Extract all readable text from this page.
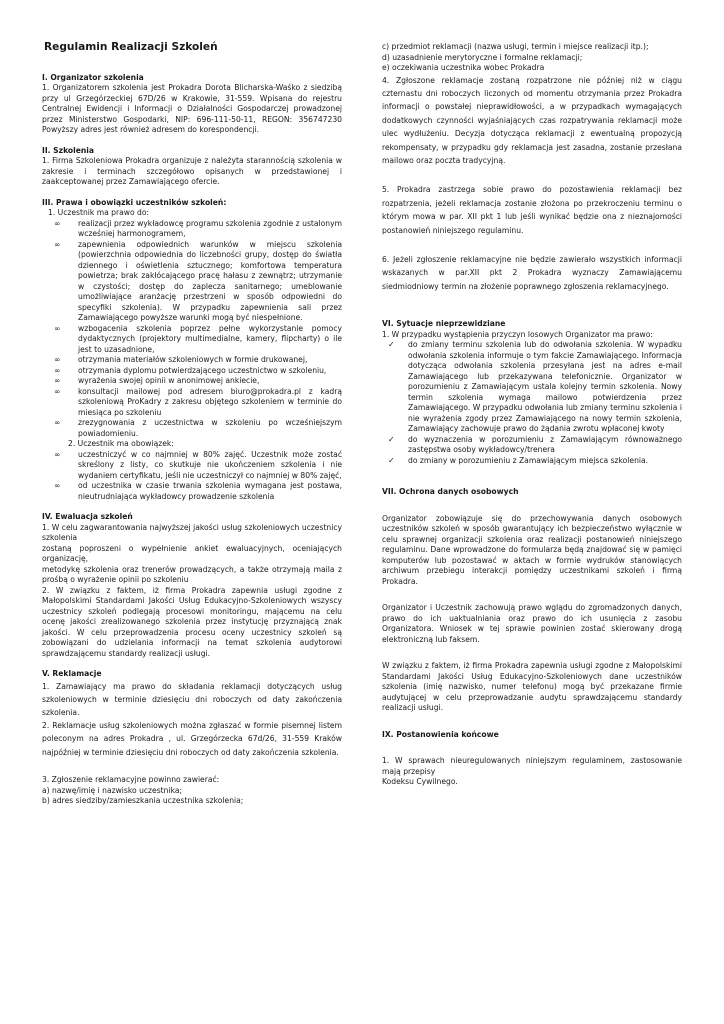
Regulamin Realizacji Szkoleń

I. Organizator szkolenia

1. Organizatorem szkolenia jest Prokadra Dorota Blicharska-Waśko z siedzibą przy ul Grzegórzeckiej 67D/26 w Krakowie, 31-559. Wpisana do rejestru Centralnej Ewidencji i Informacji o Działalności Gospodarczej prowadzonej przez Ministerstwo Gospodarki, NIP: 696-111-50-11, REGON: 356747230 Powyższy adres jest również adresem do korespondencji.

II. Szkolenia

1. Firma Szkoleniowa Prokadra organizuje z należyta starannością szkolenia w zakresie i terminach szczegółowo opisanych w przedstawionej i zaakceptowanej przez Zamawiającego ofercie.

III. Prawa i obowiązki uczestników szkoleń:

1. Uczestnik ma prawo do:

∞ realizacji przez wykładowcę programu szkolenia zgodnie z ustalonym wcześniej harmonogramem,
∞ zapewnienia odpowiednich warunków w miejscu szkolenia (powierzchnia odpowiednia do liczebności grupy, dostęp do światła dziennego i oświetlenia sztucznego; komfortowa temperatura powietrza; brak zakłócającego pracę hałasu z zewnątrz; utrzymanie w czystości; dostęp do zaplecza sanitarnego; umeblowanie umożliwiające aranżację przestrzeni w sposób odpowiedni do specyfiki szkolenia). W przypadku zapewnienia sali przez Zamawiającego powyższe warunki mogą być niespełnione.
∞ wzbogacenia szkolenia poprzez pełne wykorzystanie pomocy dydaktycznych (projektory multimedialne, kamery, flipcharty) o ile jest to uzasadnione,
∞ otrzymania materiałów szkoleniowych w formie drukowanej,
∞ otrzymania dyplomu potwierdzającego uczestnictwo w szkoleniu,
∞ wyrażenia swojej opinii w anonimowej ankiecie,
∞ konsultacji mailowej pod adresem biuro@prokadra.pl z kadrą szkoleniową ProKadry z zakresu objętego szkoleniem w terminie do miesiąca po szkoleniu
∞ zrezygnowania z uczestnictwa w szkoleniu po wcześniejszym powiadomieniu.

2. Uczestnik ma obowiązek:

∞ uczestniczyć w co najmniej w 80% zajęć. Uczestnik może zostać skreślony z listy, co skutkuje nie ukończeniem szkolenia i nie wydaniem certyfikatu, jeśli nie uczestniczył co najmniej w 80% zajęć,
∞ od uczestnika w czasie trwania szkolenia wymagana jest postawa, nieutrudniająca wykładowcy prowadzenie szkolenia

IV. Ewaluacja szkoleń

1. W celu zagwarantowania najwyższej jakości usług szkoleniowych uczestnicy szkolenia

zostaną poproszeni o wypełnienie ankiet ewaluacyjnych, oceniających organizację,

metodykę szkolenia oraz trenerów prowadzących, a także otrzymają maila z prośbą o wyrażenie opinii po szkoleniu

2. W związku z faktem, iż firma Prokadra zapewnia usługi zgodne z Małopolskimi Standardami Jakości Usług Edukacyjno-Szkoleniowych wszyscy uczestnicy szkoleń podlegają procesowi monitoringu, mającemu na celu ocenę jakości zrealizowanego szkolenia przez instytucję przyznającą znak jakości. W celu przeprowadzenia procesu oceny uczestnicy szkoleń są zobowiązani do udzielania informacji na temat szkolenia audytorowi sprawdzającemu standardy realizacji usługi.

V. Reklamacje

1. Zamawiający ma prawo do składania reklamacji dotyczących usług szkoleniowych w terminie dziesięciu dni roboczych od daty zakończenia szkolenia.

2. Reklamacje usług szkoleniowych można zgłaszać w formie pisemnej listem poleconym na adres Prokadra , ul. Grzegórzecka 67d/26, 31-559 Kraków najpóźniej w terminie dziesięciu dni roboczych od daty zakończenia szkolenia.

3. Zgłoszenie reklamacyjne powinno zawierać:

a) nazwę/imię i nazwisko uczestnika;

b) adres siedziby/zamieszkania uczestnika szkolenia;

c) przedmiot reklamacji (nazwa usługi, termin i miejsce realizacji itp.);

d) uzasadnienie merytoryczne i formalne reklamacji;

e) oczekiwania uczestnika wobec Prokadra

4. Zgłoszone reklamacje zostaną rozpatrzone nie później niż w ciągu czternastu dni roboczych liczonych od momentu otrzymania przez Prokadra informacji o powstałej nieprawidłowości, a w przypadkach wymagających dodatkowych czynności wyjaśniających czas rozpatrywania reklamacji może ulec wydłużeniu. Decyzja dotycząca reklamacji z ewentualną propozycją rekompensaty, w przypadku gdy reklamacja jest zasadna, zostanie przesłana mailowo oraz poczta tradycyjną.

5. Prokadra zastrzega sobie prawo do pozostawienia reklamacji bez rozpatrzenia, jeżeli reklamacja zostanie złożona po przekroczeniu terminu o którym mowa w par. XII pkt 1 lub jeśli wynikać będzie ona z nieznajomości postanowień niniejszego regulaminu.

6. Jeżeli zgłoszenie reklamacyjne nie będzie zawierało wszystkich informacji wskazanych w par.XII pkt 2 Prokadra wyznaczy Zamawiającemu siedmiodniowy termin na złożenie poprawnego zgłoszenia reklamacyjnego.

VI. Sytuacje nieprzewidziane

1. W przypadku wystąpienia przyczyn losowych Organizator ma prawo:

✓ do zmiany terminu szkolenia lub do odwołania szkolenia. W wypadku odwołania szkolenia informuje o tym fakcie Zamawiającego. Informacja dotycząca odwołania szkolenia przesyłana jest na adres e-mail Zamawiającego lub przekazywana telefonicznie. Organizator w porozumieniu z Zamawiającym ustala kolejny termin szkolenia. Nowy termin szkolenia wymaga mailowo potwierdzenia przez Zamawiającego. W przypadku odwołania lub zmiany terminu szkolenia i nie wyrażenia zgody przez Zamawiającego na nowy termin szkolenia, Zamawiający zachowuje prawo do żądania zwrotu wpłaconej kwoty
✓ do wyznaczenia w porozumieniu z Zamawiającym równoważnego zastępstwa osoby wykładowcy/trenera
✓ do zmiany w porozumieniu z Zamawiającym miejsca szkolenia.

VII. Ochrona danych osobowych

Organizator zobowiązuje się do przechowywania danych osobowych uczestników szkoleń w sposób gwarantujący ich bezpieczeństwo wyłącznie w celu sprawnej organizacji szkolenia oraz realizacji postanowień niniejszego regulaminu. Dane wprowadzone do formularza będą znajdować się w pamięci komputerów lub pozostawać w aktach w formie wydruków stanowiących archiwum przebiegu interakcji pomiędzy uczestnikami szkoleń i firmą Prokadra.

Organizator i Uczestnik zachowują prawo wglądu do zgromadzonych danych, prawo do ich uaktualniania oraz prawo do ich usunięcia z zasobu Organizatora. Wniosek w tej sprawie powinien zostać skierowany drogą elektroniczną lub faksem.

W związku z faktem, iż firma Prokadra zapewnia usługi zgodne z Małopolskimi Standardami Jakości Usług Edukacyjno-Szkoleniowych dane uczestników szkolenia (imię nazwisko, numer telefonu) mogą być przekazane firmie audytującej w celu przeprowadzanie audytu sprawdzającemu standardy realizacji usługi.

IX. Postanowienia końcowe

1. W sprawach nieuregulowanych niniejszym regulaminem, zastosowanie mają przepisy

Kodeksu Cywilnego.
